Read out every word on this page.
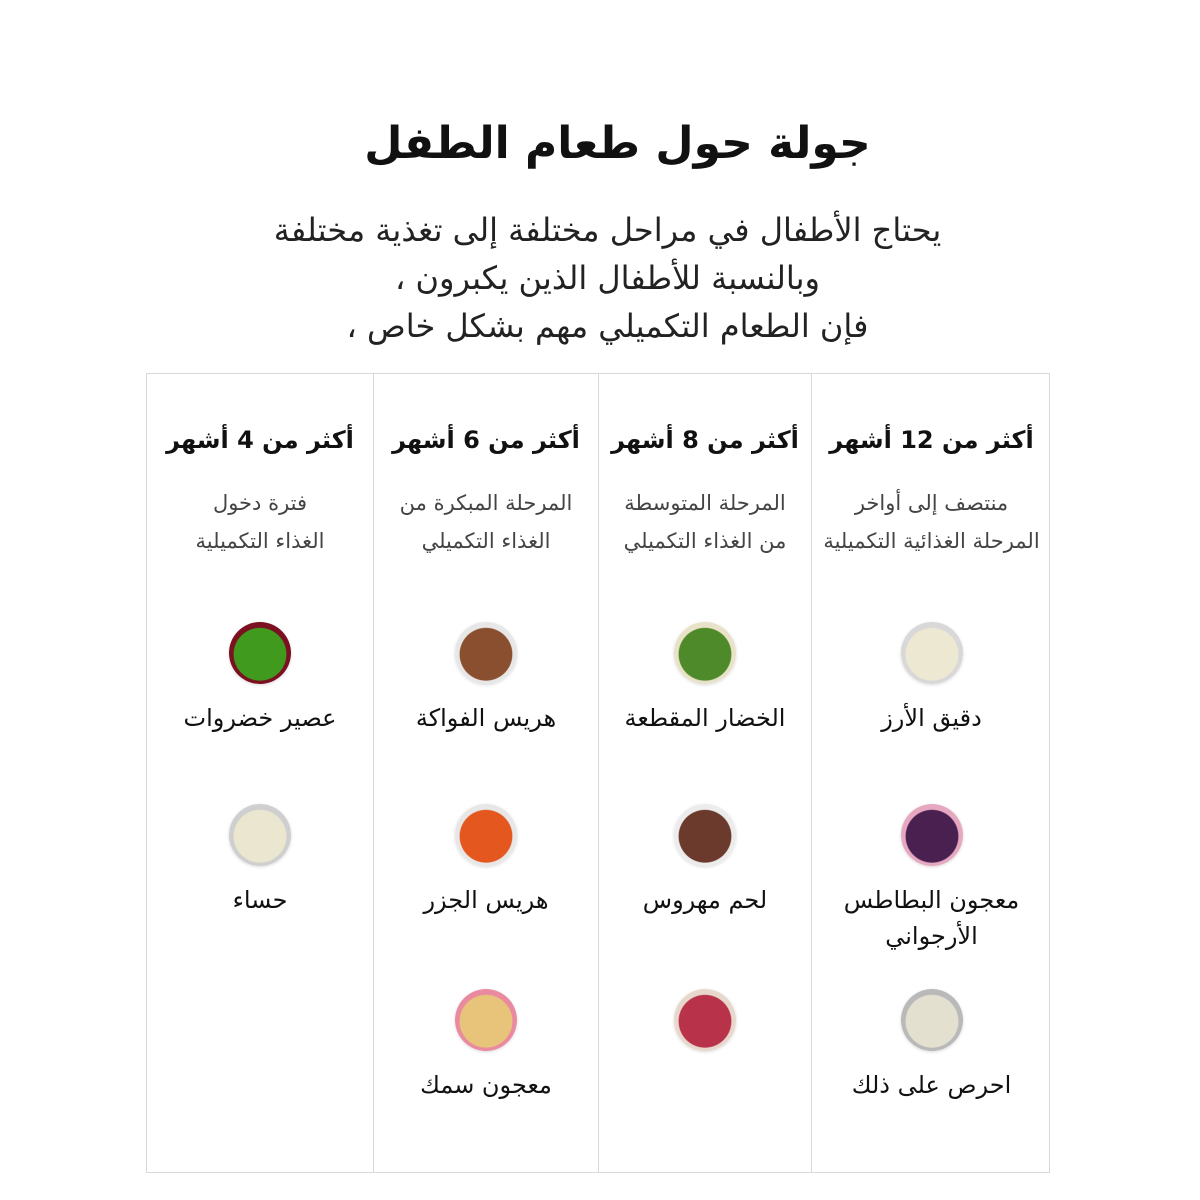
جولة حول طعام الطفل
يحتاج الأطفال في مراحل مختلفة إلى تغذية مختلفة
وبالنسبة للأطفال الذين يكبرون ،
فإن الطعام التكميلي مهم بشكل خاص ،
أكثر من 4 أشهر
فترة دخول
الغذاء التكميلية
عصير خضروات
حساء
أكثر من 6 أشهر
المرحلة المبكرة من
الغذاء التكميلي
هريس الفواكة
هريس الجزر
معجون سمك
أكثر من 8 أشهر
المرحلة المتوسطة
من الغذاء التكميلي
الخضار المقطعة
لحم مهروس
أكثر من 12 أشهر
منتصف إلى أواخر
المرحلة الغذائية التكميلية
دقيق الأرز
معجون البطاطس
الأرجواني
احرص على ذلك
